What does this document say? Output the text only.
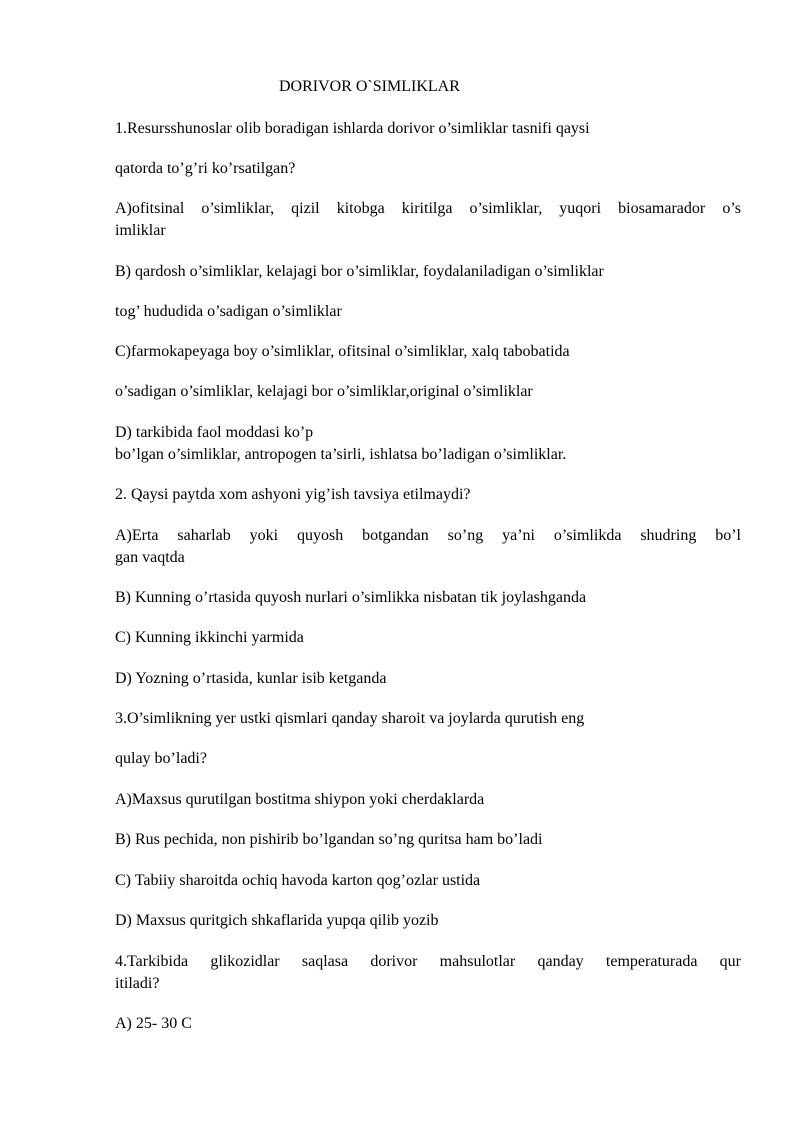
DORIVOR O`SIMLIKLAR
1.Resursshunoslar olib boradigan ishlarda dorivor o’simliklar tasnifi qaysi
qatorda to’g’ri ko’rsatilgan?
A)ofitsinal o’simliklar, qizil kitobga kiritilga o’simliklar, yuqori biosamarador o’s
imliklar
B) qardosh o’simliklar, kelajagi bor o’simliklar, foydalaniladigan o’simliklar
tog’ hududida o’sadigan o’simliklar
C)farmokapeyaga boy o’simliklar, ofitsinal o’simliklar, xalq tabobatida
o’sadigan o’simliklar, kelajagi bor o’simliklar,original o’simliklar
D) tarkibida faol moddasi ko’p
bo’lgan o’simliklar, antropogen ta’sirli, ishlatsa bo’ladigan o’simliklar.
2. Qaysi paytda xom ashyoni yig’ish tavsiya etilmaydi?
A)Erta saharlab yoki quyosh botgandan so’ng ya’ni o’simlikda shudring bo’l
gan vaqtda
B) Kunning o’rtasida quyosh nurlari o’simlikka nisbatan tik joylashganda
C) Kunning ikkinchi yarmida
D) Yozning o’rtasida, kunlar isib ketganda
3.O’simlikning yer ustki qismlari qanday sharoit va joylarda qurutish eng
qulay bo’ladi?
A)Maxsus qurutilgan bostitma shiypon yoki cherdaklarda
B) Rus pechida, non pishirib bo’lgandan so’ng quritsa ham bo’ladi
C) Tabiiy sharoitda ochiq havoda karton qog’ozlar ustida
D) Maxsus quritgich shkaflarida yupqa qilib yozib
4.Tarkibida glikozidlar saqlasa dorivor mahsulotlar qanday temperaturada qur
itiladi?
A) 25- 30 C
